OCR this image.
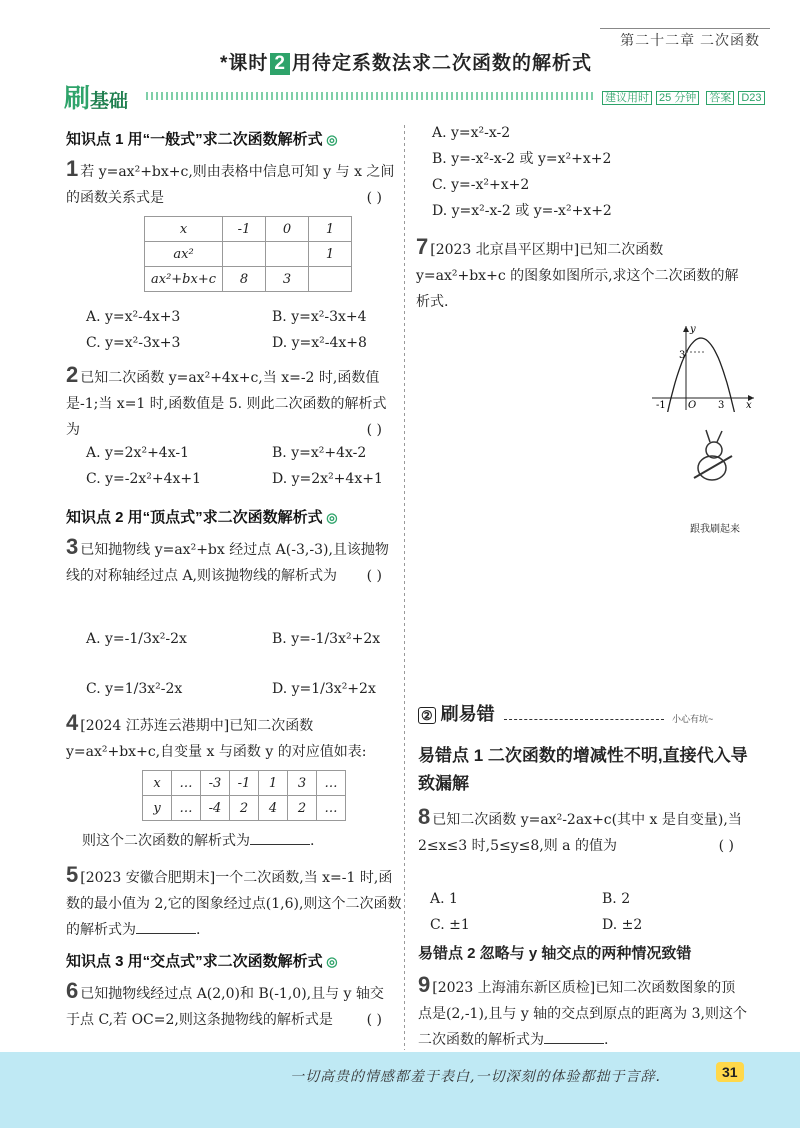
第二十二章 二次函数
*课时 2 用待定系数法求二次函数的解析式
刷基础	建议用时 25 分钟 答案 D23
知识点 1 用“一般式”求二次函数解析式 ◎
1 若 y=ax²+bx+c,则由表格中信息可知 y 与 x 之间的函数关系式是	( )
x	-1	0	1
ax²			1
ax²+bx+c	8	3	
A. y=x²-4x+3	B. y=x²-3x+4
C. y=x²-3x+3	D. y=x²-4x+8
2 已知二次函数 y=ax²+4x+c,当 x=-2 时,函数值是-1;当 x=1 时,函数值是 5. 则此二次函数的解析式为	( )
A. y=2x²+4x-1	B. y=x²+4x-2
C. y=-2x²+4x+1	D. y=2x²+4x+1
知识点 2 用“顶点式”求二次函数解析式 ◎
3 已知抛物线 y=ax²+bx 经过点 A(-3,-3),且该抛物线的对称轴经过点 A,则该抛物线的解析式为 ( )
A. y=-1/3x²-2x	B. y=-1/3x²+2x
C. y=1/3x²-2x	D. y=1/3x²+2x
4 [2024 江苏连云港期中]已知二次函数 y=ax²+bx+c,自变量 x 与函数 y 的对应值如表:
x	…	-3	-1	1	3	…
y	…	-4	2	4	2	…
则这个二次函数的解析式为	.
5 [2023 安徽合肥期末]一个二次函数,当 x=-1 时,函数的最小值为 2,它的图象经过点(1,6),则这个二次函数的解析式为	.
知识点 3 用“交点式”求二次函数解析式 ◎
6 已知抛物线经过点 A(2,0)和 B(-1,0),且与 y 轴交于点 C,若 OC=2,则这条抛物线的解析式是 ( )
A. y=x²-x-2
B. y=-x²-x-2 或 y=x²+x+2
C. y=-x²+x+2
D. y=x²-x-2 或 y=-x²+x+2
7 [2023 北京昌平区期中]已知二次函数 y=ax²+bx+c 的图象如图所示,求这个二次函数的解析式.
y
x
O
3
-1	3
跟我刷起来
② 刷易错	小心有坑~
易错点 1 二次函数的增减性不明,直接代入导致漏解
8 已知二次函数 y=ax²-2ax+c(其中 x 是自变量),当 2≤x≤3 时,5≤y≤8,则 a 的值为	( )
A. 1	B. 2
C. ±1	D. ±2
易错点 2 忽略与 y 轴交点的两种情况致错
9 [2023 上海浦东新区质检]已知二次函数图象的顶点是(2,-1),且与 y 轴的交点到原点的距离为 3,则这个二次函数的解析式为	.
一切高贵的情感都羞于表白,一切深刻的体验都拙于言辞.	31
